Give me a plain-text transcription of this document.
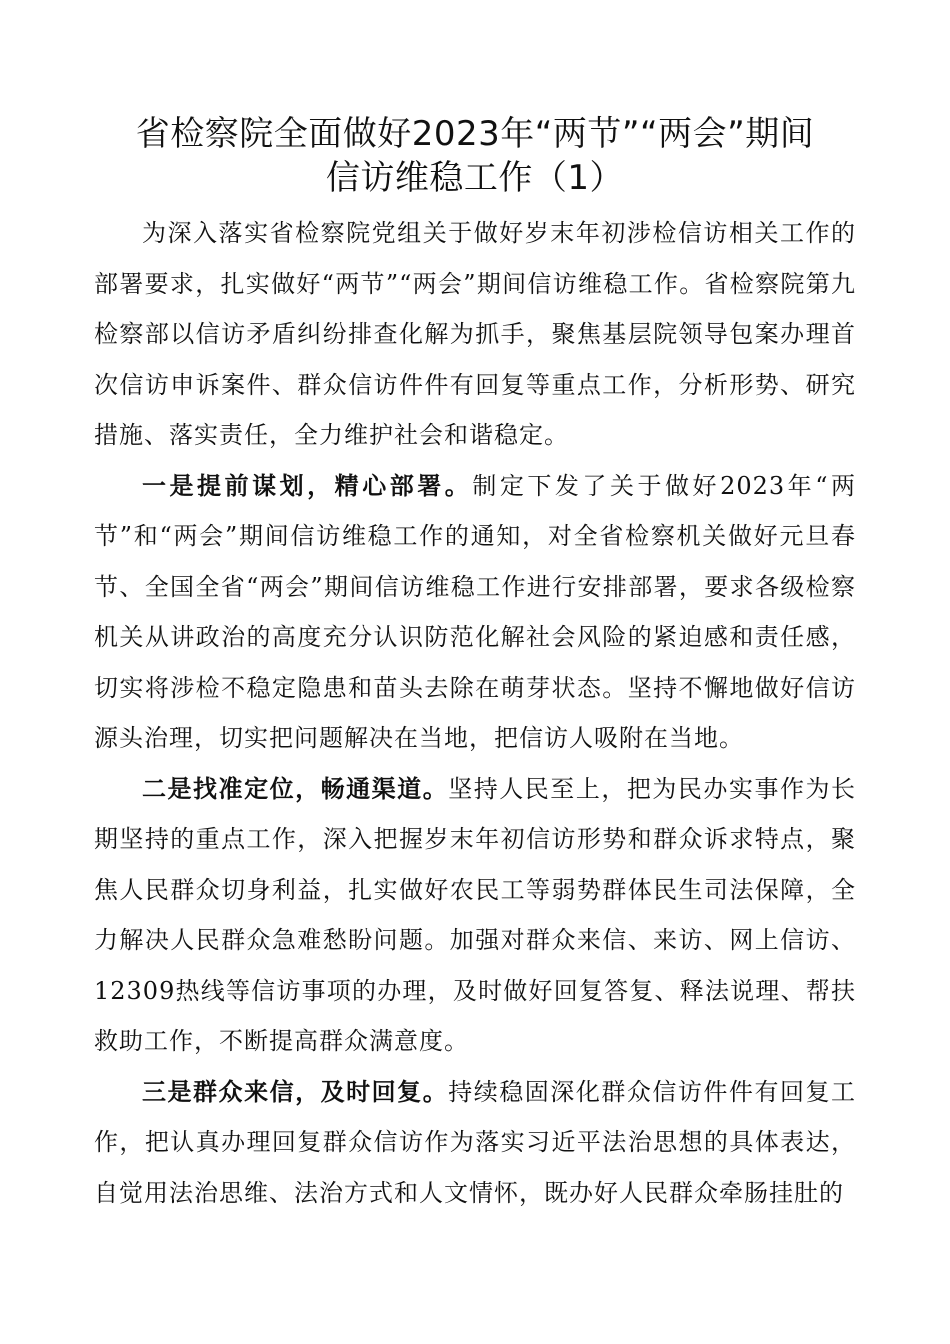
省检察院全面做好2023年“两节”“两会”期间
信访维稳工作（1）

为深入落实省检察院党组关于做好岁末年初涉检信访相关工作的部署要求，扎实做好“两节”“两会”期间信访维稳工作。省检察院第九检察部以信访矛盾纠纷排查化解为抓手，聚焦基层院领导包案办理首次信访申诉案件、群众信访件件有回复等重点工作，分析形势、研究措施、落实责任，全力维护社会和谐稳定。

一是提前谋划，精心部署。制定下发了关于做好2023年“两节”和“两会”期间信访维稳工作的通知，对全省检察机关做好元旦春节、全国全省“两会”期间信访维稳工作进行安排部署，要求各级检察机关从讲政治的高度充分认识防范化解社会风险的紧迫感和责任感，切实将涉检不稳定隐患和苗头去除在萌芽状态。坚持不懈地做好信访源头治理，切实把问题解决在当地，把信访人吸附在当地。

二是找准定位，畅通渠道。坚持人民至上，把为民办实事作为长期坚持的重点工作，深入把握岁末年初信访形势和群众诉求特点，聚焦人民群众切身利益，扎实做好农民工等弱势群体民生司法保障，全力解决人民群众急难愁盼问题。加强对群众来信、来访、网上信访、12309热线等信访事项的办理，及时做好回复答复、释法说理、帮扶救助工作，不断提高群众满意度。

三是群众来信，及时回复。持续稳固深化群众信访件件有回复工作，把认真办理回复群众信访作为落实习近平法治思想的具体表达，自觉用法治思维、法治方式和人文情怀，既办好人民群众牵肠挂肚的
